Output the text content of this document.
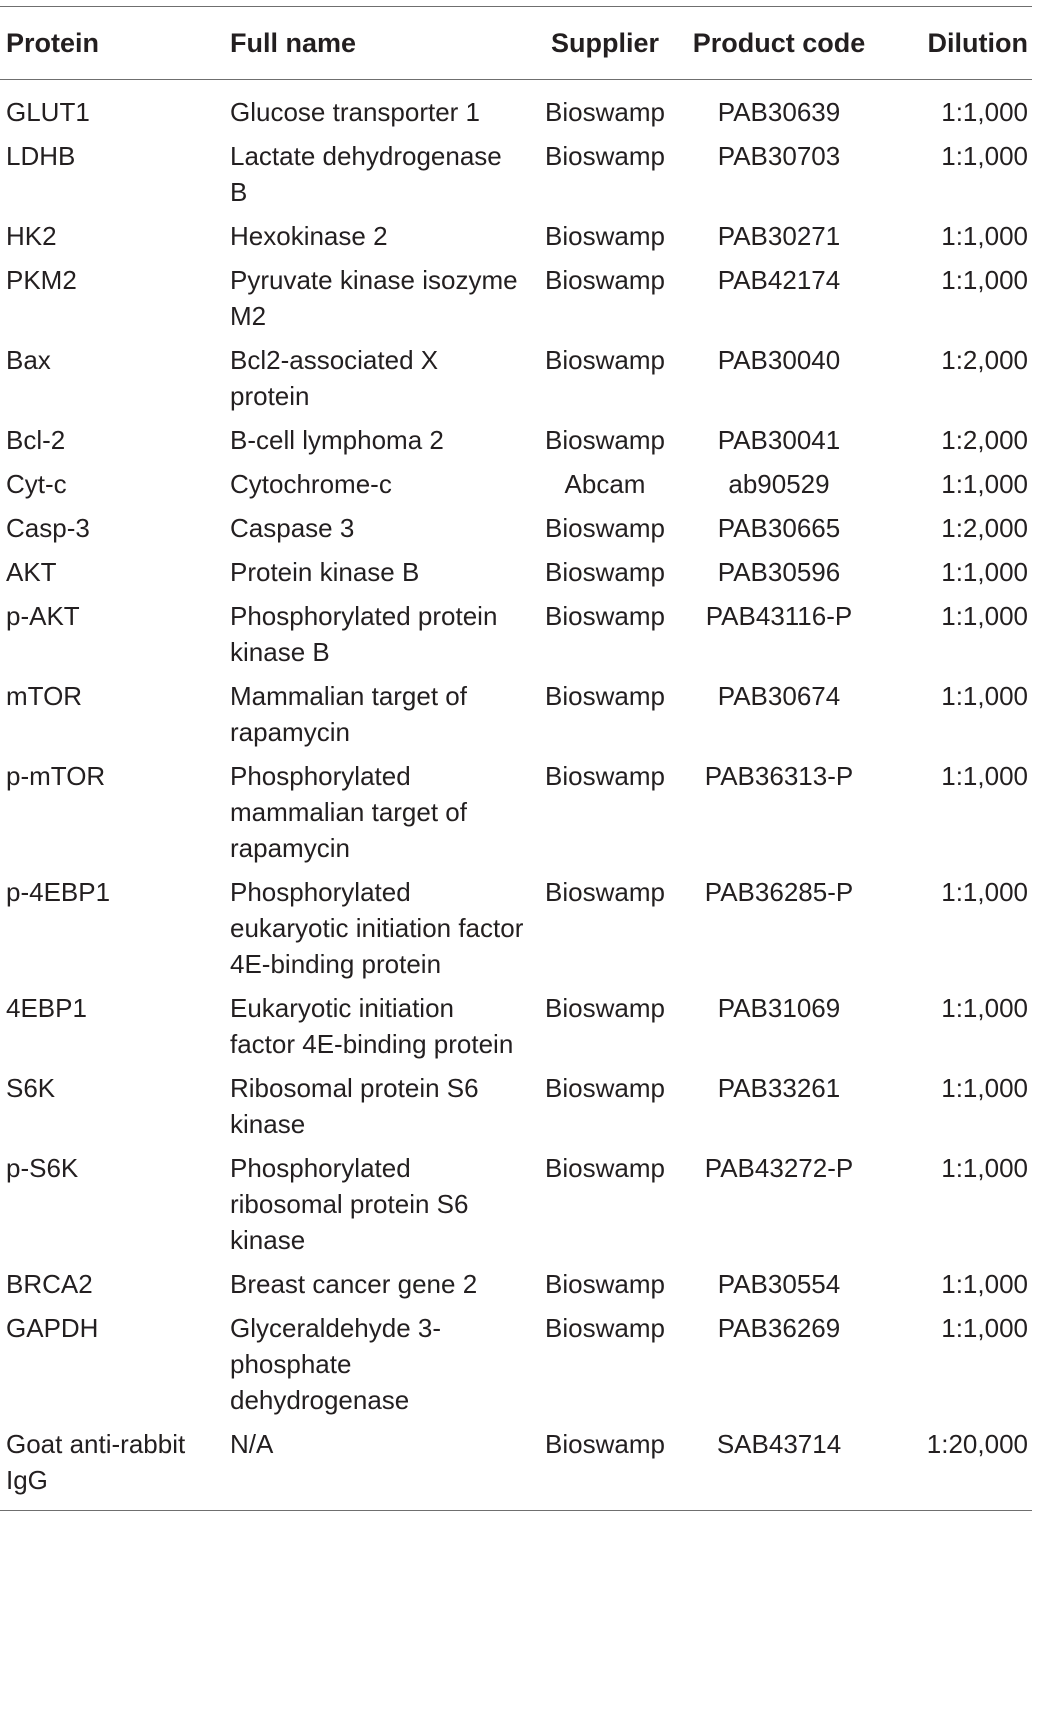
Protein	Full name	Supplier	Product code	Dilution
GLUT1	Glucose transporter 1	Bioswamp	PAB30639	1:1,000
LDHB	Lactate dehydrogenase B	Bioswamp	PAB30703	1:1,000
HK2	Hexokinase 2	Bioswamp	PAB30271	1:1,000
PKM2	Pyruvate kinase isozyme M2	Bioswamp	PAB42174	1:1,000
Bax	Bcl2-associated X protein	Bioswamp	PAB30040	1:2,000
Bcl-2	B-cell lymphoma 2	Bioswamp	PAB30041	1:2,000
Cyt-c	Cytochrome-c	Abcam	ab90529	1:1,000
Casp-3	Caspase 3	Bioswamp	PAB30665	1:2,000
AKT	Protein kinase B	Bioswamp	PAB30596	1:1,000
p-AKT	Phosphorylated protein kinase B	Bioswamp	PAB43116-P	1:1,000
mTOR	Mammalian target of rapamycin	Bioswamp	PAB30674	1:1,000
p-mTOR	Phosphorylated mammalian target of rapamycin	Bioswamp	PAB36313-P	1:1,000
p-4EBP1	Phosphorylated eukaryotic initiation factor 4E-binding protein	Bioswamp	PAB36285-P	1:1,000
4EBP1	Eukaryotic initiation factor 4E-binding protein	Bioswamp	PAB31069	1:1,000
S6K	Ribosomal protein S6 kinase	Bioswamp	PAB33261	1:1,000
p-S6K	Phosphorylated ribosomal protein S6 kinase	Bioswamp	PAB43272-P	1:1,000
BRCA2	Breast cancer gene 2	Bioswamp	PAB30554	1:1,000
GAPDH	Glyceraldehyde 3-phosphate dehydrogenase	Bioswamp	PAB36269	1:1,000
Goat anti-rabbit IgG	N/A	Bioswamp	SAB43714	1:20,000
